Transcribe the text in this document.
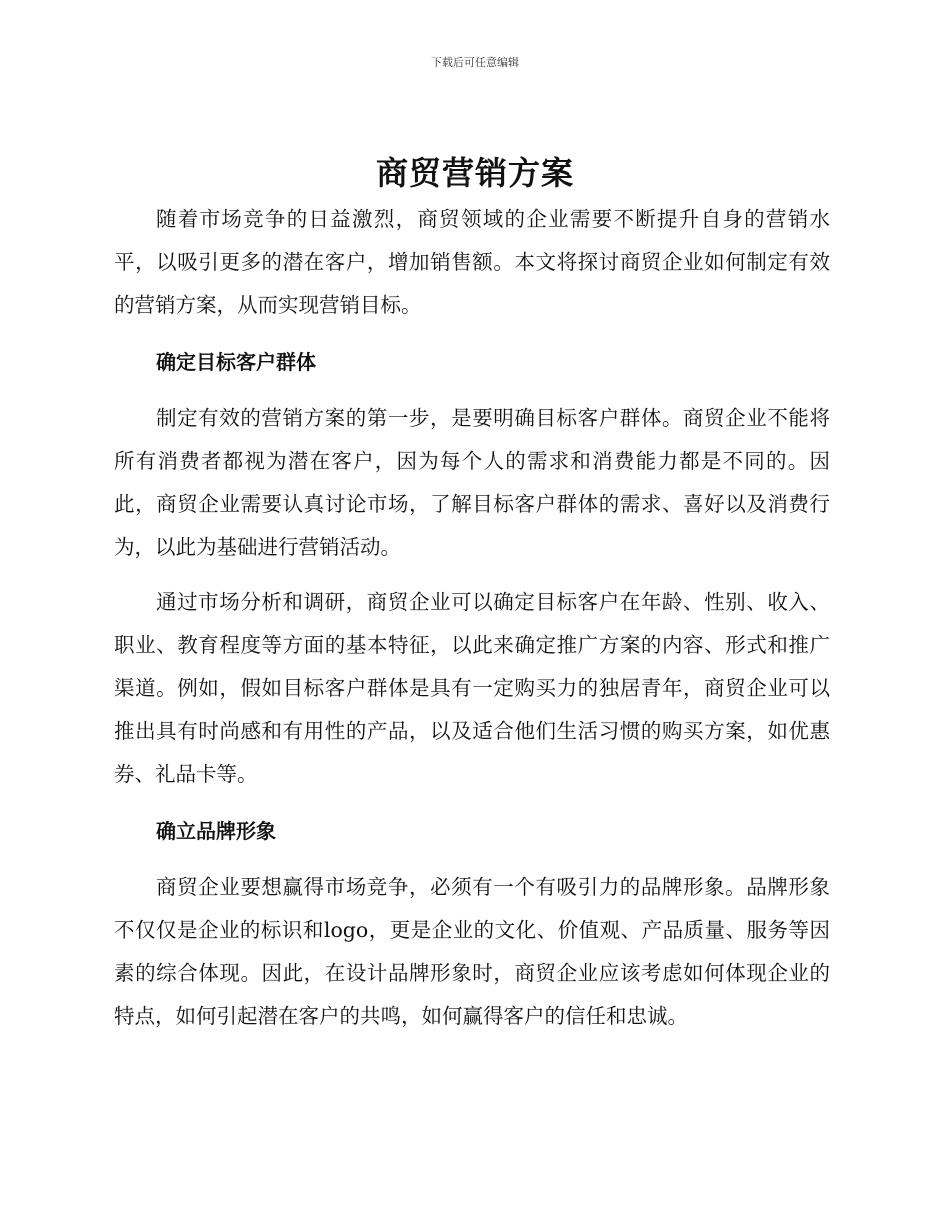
下载后可任意编辑
商贸营销方案

随着市场竞争的日益激烈，商贸领域的企业需要不断提升自身的营销水平，以吸引更多的潜在客户，增加销售额。本文将探讨商贸企业如何制定有效的营销方案，从而实现营销目标。

确定目标客户群体

制定有效的营销方案的第一步，是要明确目标客户群体。商贸企业不能将所有消费者都视为潜在客户，因为每个人的需求和消费能力都是不同的。因此，商贸企业需要认真讨论市场，了解目标客户群体的需求、喜好以及消费行为，以此为基础进行营销活动。

通过市场分析和调研，商贸企业可以确定目标客户在年龄、性别、收入、职业、教育程度等方面的基本特征，以此来确定推广方案的内容、形式和推广渠道。例如，假如目标客户群体是具有一定购买力的独居青年，商贸企业可以推出具有时尚感和有用性的产品，以及适合他们生活习惯的购买方案，如优惠券、礼品卡等。

确立品牌形象

商贸企业要想赢得市场竞争，必须有一个有吸引力的品牌形象。品牌形象不仅仅是企业的标识和logo，更是企业的文化、价值观、产品质量、服务等因素的综合体现。因此，在设计品牌形象时，商贸企业应该考虑如何体现企业的特点，如何引起潜在客户的共鸣，如何赢得客户的信任和忠诚。
